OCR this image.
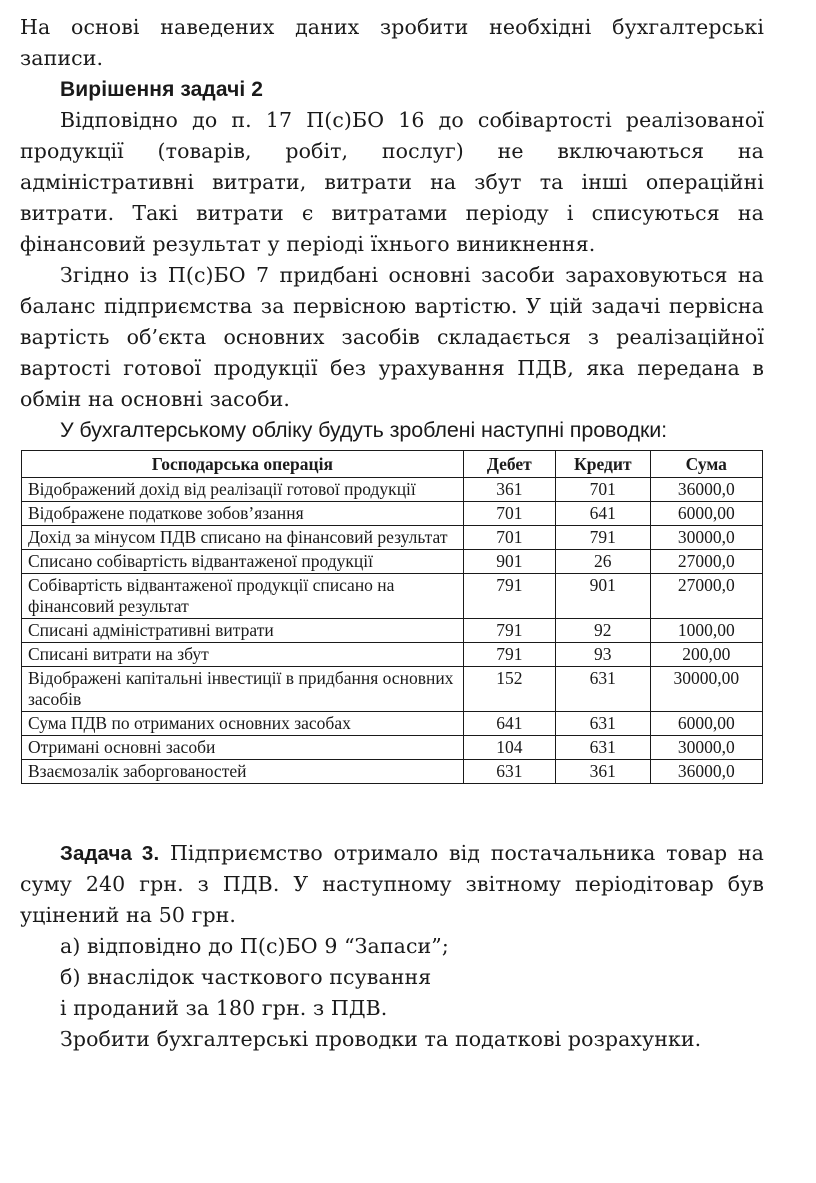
На основі наведених даних зробити необхідні бухгалтерські записи.

Вирішення задачі 2

Відповідно до п. 17 П(с)БО 16 до собівартості реалізованої продукції (товарів, робіт, послуг) не включаються на адміністративні витрати, витрати на збут та інші операційні витрати. Такі витрати є витратами періоду і списуються на фінансовий результат у періоді їхнього виникнення.

Згідно із П(с)БО 7 придбані основні засоби зараховуються на баланс підприємства за первісною вартістю. У цій задачі первісна вартість об’єкта основних засобів складається з реалізаційної вартості готової продукції без урахування ПДВ, яка передана в обмін на основні засоби.

У бухгалтерському обліку будуть зроблені наступні проводки:

Господарська операція	Дебет	Кредит	Сума
Відображений дохід від реалізації готової продукції	361	701	36000,0
Відображене податкове зобов’язання	701	641	6000,00
Дохід за мінусом ПДВ списано на фінансовий результат	701	791	30000,0
Списано собівартість відвантаженої продукції	901	26	27000,0
Собівартість відвантаженої продукції списано на фінансовий результат	791	901	27000,0
Списані адміністративні витрати	791	92	1000,00
Списані витрати на збут	791	93	200,00
Відображені капітальні інвестиції в придбання основних засобів	152	631	30000,00
Сума ПДВ по отриманих основних засобах	641	631	6000,00
Отримані основні засоби	104	631	30000,0
Взаємозалік заборгованостей	631	361	36000,0

Задача 3. Підприємство отримало від постачальника товар на суму 240 грн. з ПДВ. У наступному звітному періодітовар був уцінений на 50 грн.

а) відповідно до П(с)БО 9 “Запаси”;

б) внаслідок часткового псування

і проданий за 180 грн. з ПДВ.

Зробити бухгалтерські проводки та податкові розрахунки.
